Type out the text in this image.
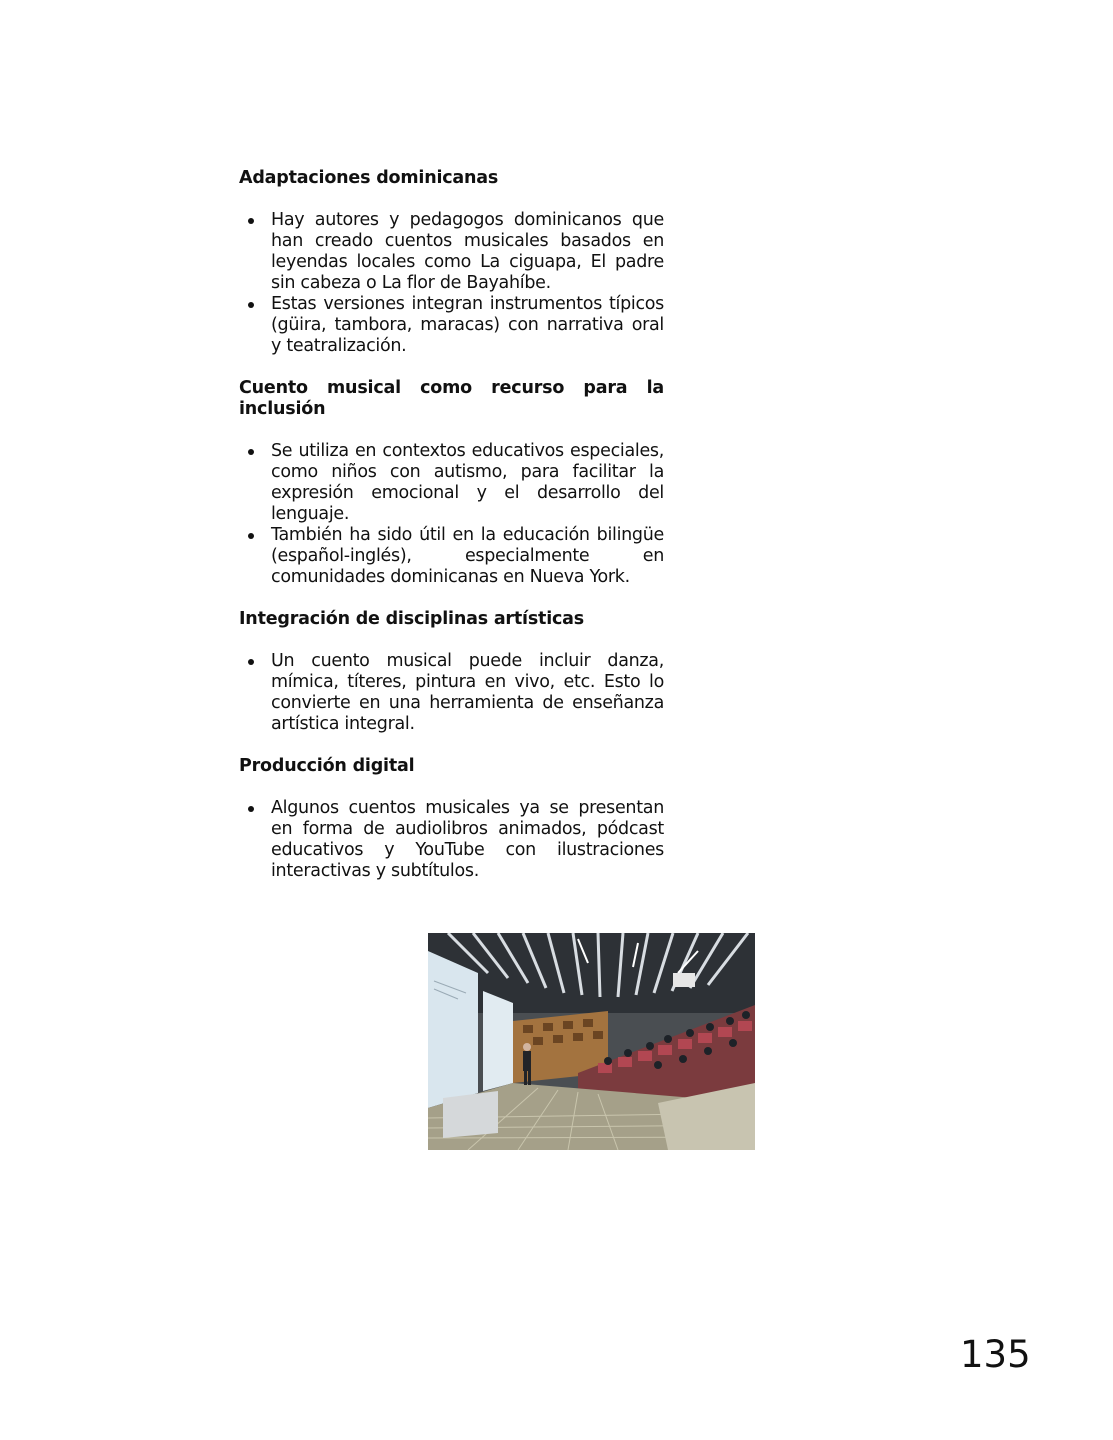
Adaptaciones dominicanas
Hay autores y pedagogos dominicanos que han creado cuentos musicales basados en leyendas locales como La ciguapa, El padre sin cabeza o La flor de Bayahíbe.
Estas versiones integran instrumentos típicos (güira, tambora, maracas) con narrativa oral y teatralización.
Cuento musical como recurso para la inclusión
Se utiliza en contextos educativos especiales, como niños con autismo, para facilitar la expresión emocional y el desarrollo del lenguaje.
También ha sido útil en la educación bilingüe (español-inglés), especialmente en comunidades dominicanas en Nueva York.
Integración de disciplinas artísticas
Un cuento musical puede incluir danza, mímica, títeres, pintura en vivo, etc. Esto lo convierte en una herramienta de enseñanza artística integral.
Producción digital
Algunos cuentos musicales ya se presentan en forma de audiolibros animados, pódcast educativos y YouTube con ilustraciones interactivas y subtítulos.
135
